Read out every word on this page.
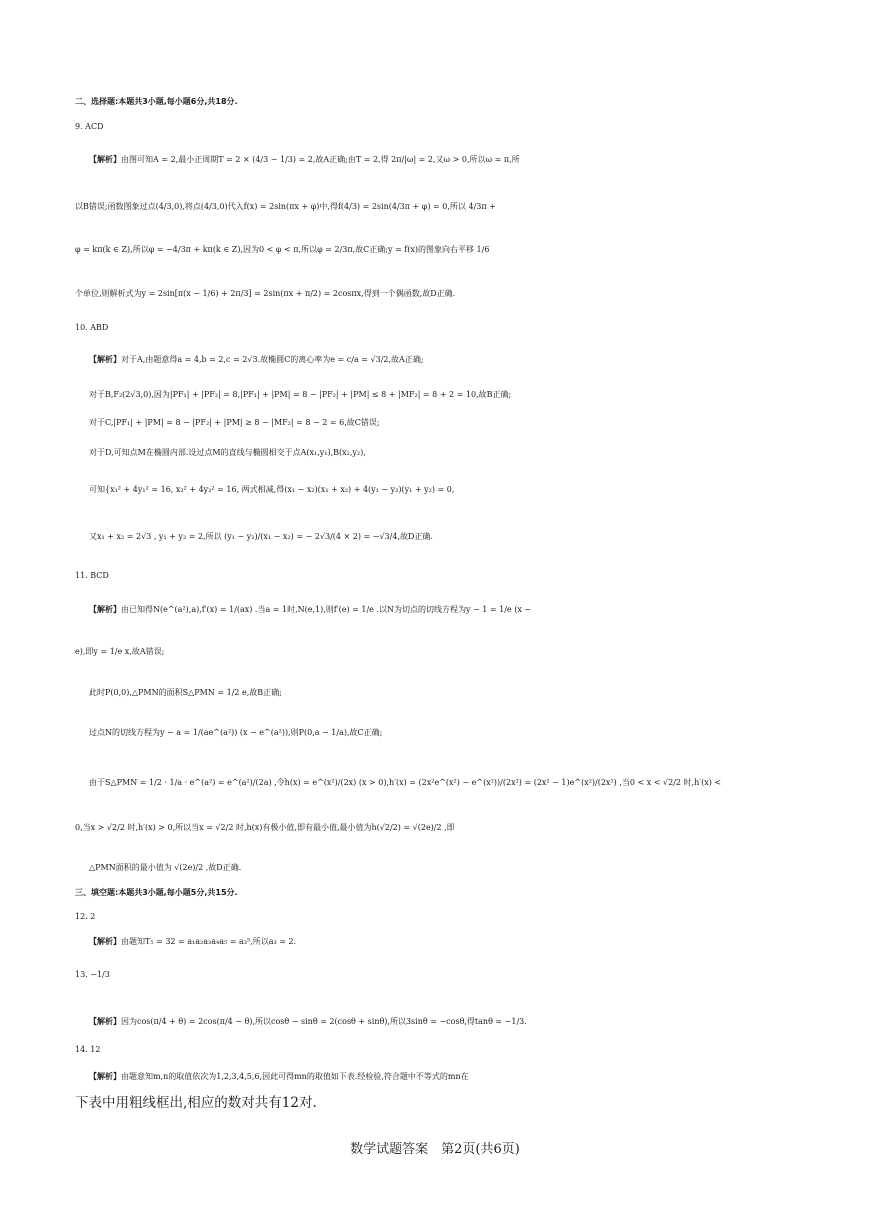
二、选择题:本题共3小题,每小题6分,共18分.
9. ACD
【解析】由图可知A = 2,最小正周期T = 2 × (4/3 − 1/3) = 2,故A正确;由T = 2,得 2π/|ω| = 2,又ω > 0,所以ω = π,所
以B错误;函数图象过点(4/3,0),将点(4/3,0)代入f(x) = 2sin(πx + φ)中,得f(4/3) = 2sin(4/3π + φ) = 0,所以 4/3π +
φ = kπ(k ∈ Z),所以φ = −4/3π + kπ(k ∈ Z),因为0 < φ < π,所以φ = 2/3π,故C正确;y = f(x)的图象向右平移 1/6
个单位,则解析式为y = 2sin[π(x − 1/6) + 2π/3] = 2sin(πx + π/2) = 2cosπx,得到一个偶函数,故D正确.
10. ABD
【解析】对于A,由题意得a = 4,b = 2,c = 2√3.故椭圆C的离心率为e = c/a = √3/2,故A正确;
对于B,F₂(2√3,0),因为|PF₁| + |PF₂| = 8,|PF₁| + |PM| = 8 − |PF₂| + |PM| ≤ 8 + |MF₂| = 8 + 2 = 10,故B正确;
对于C,|PF₁| + |PM| = 8 − |PF₂| + |PM| ≥ 8 − |MF₂| = 8 − 2 = 6,故C错误;
对于D,可知点M在椭圆内部.设过点M的直线与椭圆相交于点A(x₁,y₁),B(x₂,y₂),
可知{x₁² + 4y₁² = 16, x₂² + 4y₂² = 16, 两式相减,得(x₁ − x₂)(x₁ + x₂) + 4(y₁ − y₂)(y₁ + y₂) = 0,
又x₁ + x₂ = 2√3 , y₁ + y₂ = 2,所以 (y₁ − y₂)/(x₁ − x₂) = − 2√3/(4 × 2) = −√3/4,故D正确.
11. BCD
【解析】由已知得N(e^(a²),a),f′(x) = 1/(ax) .当a = 1时,N(e,1),则f′(e) = 1/e .以N为切点的切线方程为y − 1 = 1/e (x −
e),即y = 1/e x,故A错误;
此时P(0,0),△PMN的面积S△PMN = 1/2 e,故B正确;
过点N的切线方程为y − a = 1/(ae^(a²)) (x − e^(a²)),则P(0,a − 1/a),故C正确;
由于S△PMN = 1/2 · 1/a · e^(a²) = e^(a²)/(2a) ,令h(x) = e^(x²)/(2x) (x > 0),h′(x) = (2x²e^(x²) − e^(x²))/(2x²) = (2x² − 1)e^(x²)/(2x²) ,当0 < x < √2/2 时,h′(x) <
0,当x > √2/2 时,h′(x) > 0,所以当x = √2/2 时,h(x)有极小值,即有最小值,最小值为h(√2/2) = √(2e)/2 ,即
△PMN面积的最小值为 √(2e)/2 ,故D正确.
三、填空题:本题共3小题,每小题5分,共15分.
12. 2
【解析】由题知T₅ = 32 = a₁a₂a₃a₄a₅ = a₃⁵,所以a₃ = 2.
13. −1/3
【解析】因为cos(π/4 + θ) = 2cos(π/4 − θ),所以cosθ − sinθ = 2(cosθ + sinθ),所以3sinθ = −cosθ,得tanθ = −1/3.
14. 12
【解析】由题意知m,n的取值依次为1,2,3,4,5,6,因此可得mn的取值如下表.经检验,符合题中不等式的mn在
下表中用粗线框出,相应的数对共有12对.
数学试题答案　第2页(共6页)
